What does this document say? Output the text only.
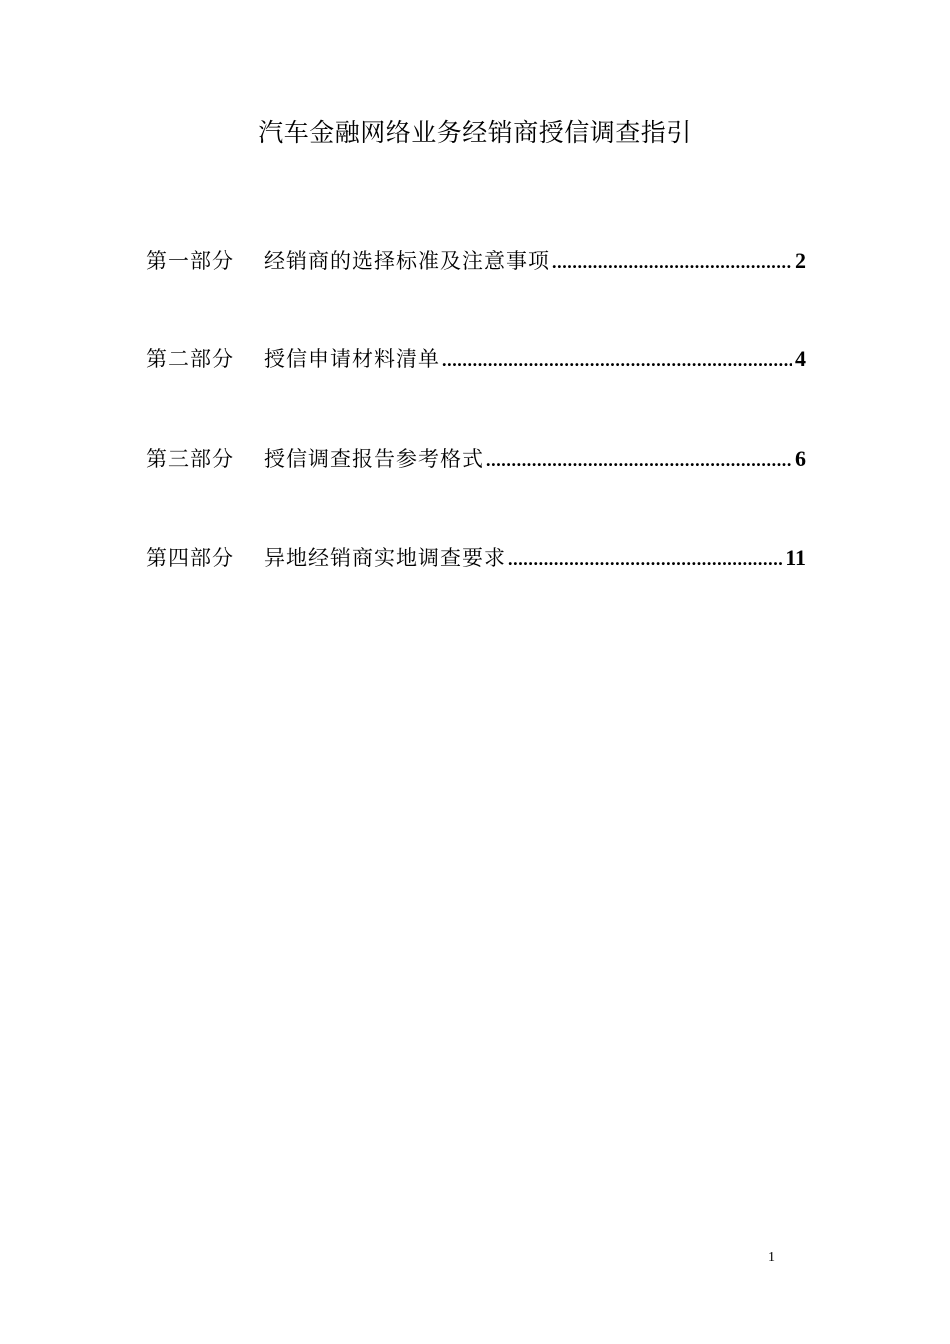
汽车金融网络业务经销商授信调查指引
第一部分	经销商的选择标准及注意事项 .....	2
第二部分	授信申请材料清单 .....	4
第三部分	授信调查报告参考格式 .....	6
第四部分	异地经销商实地调查要求 .....	11
1
